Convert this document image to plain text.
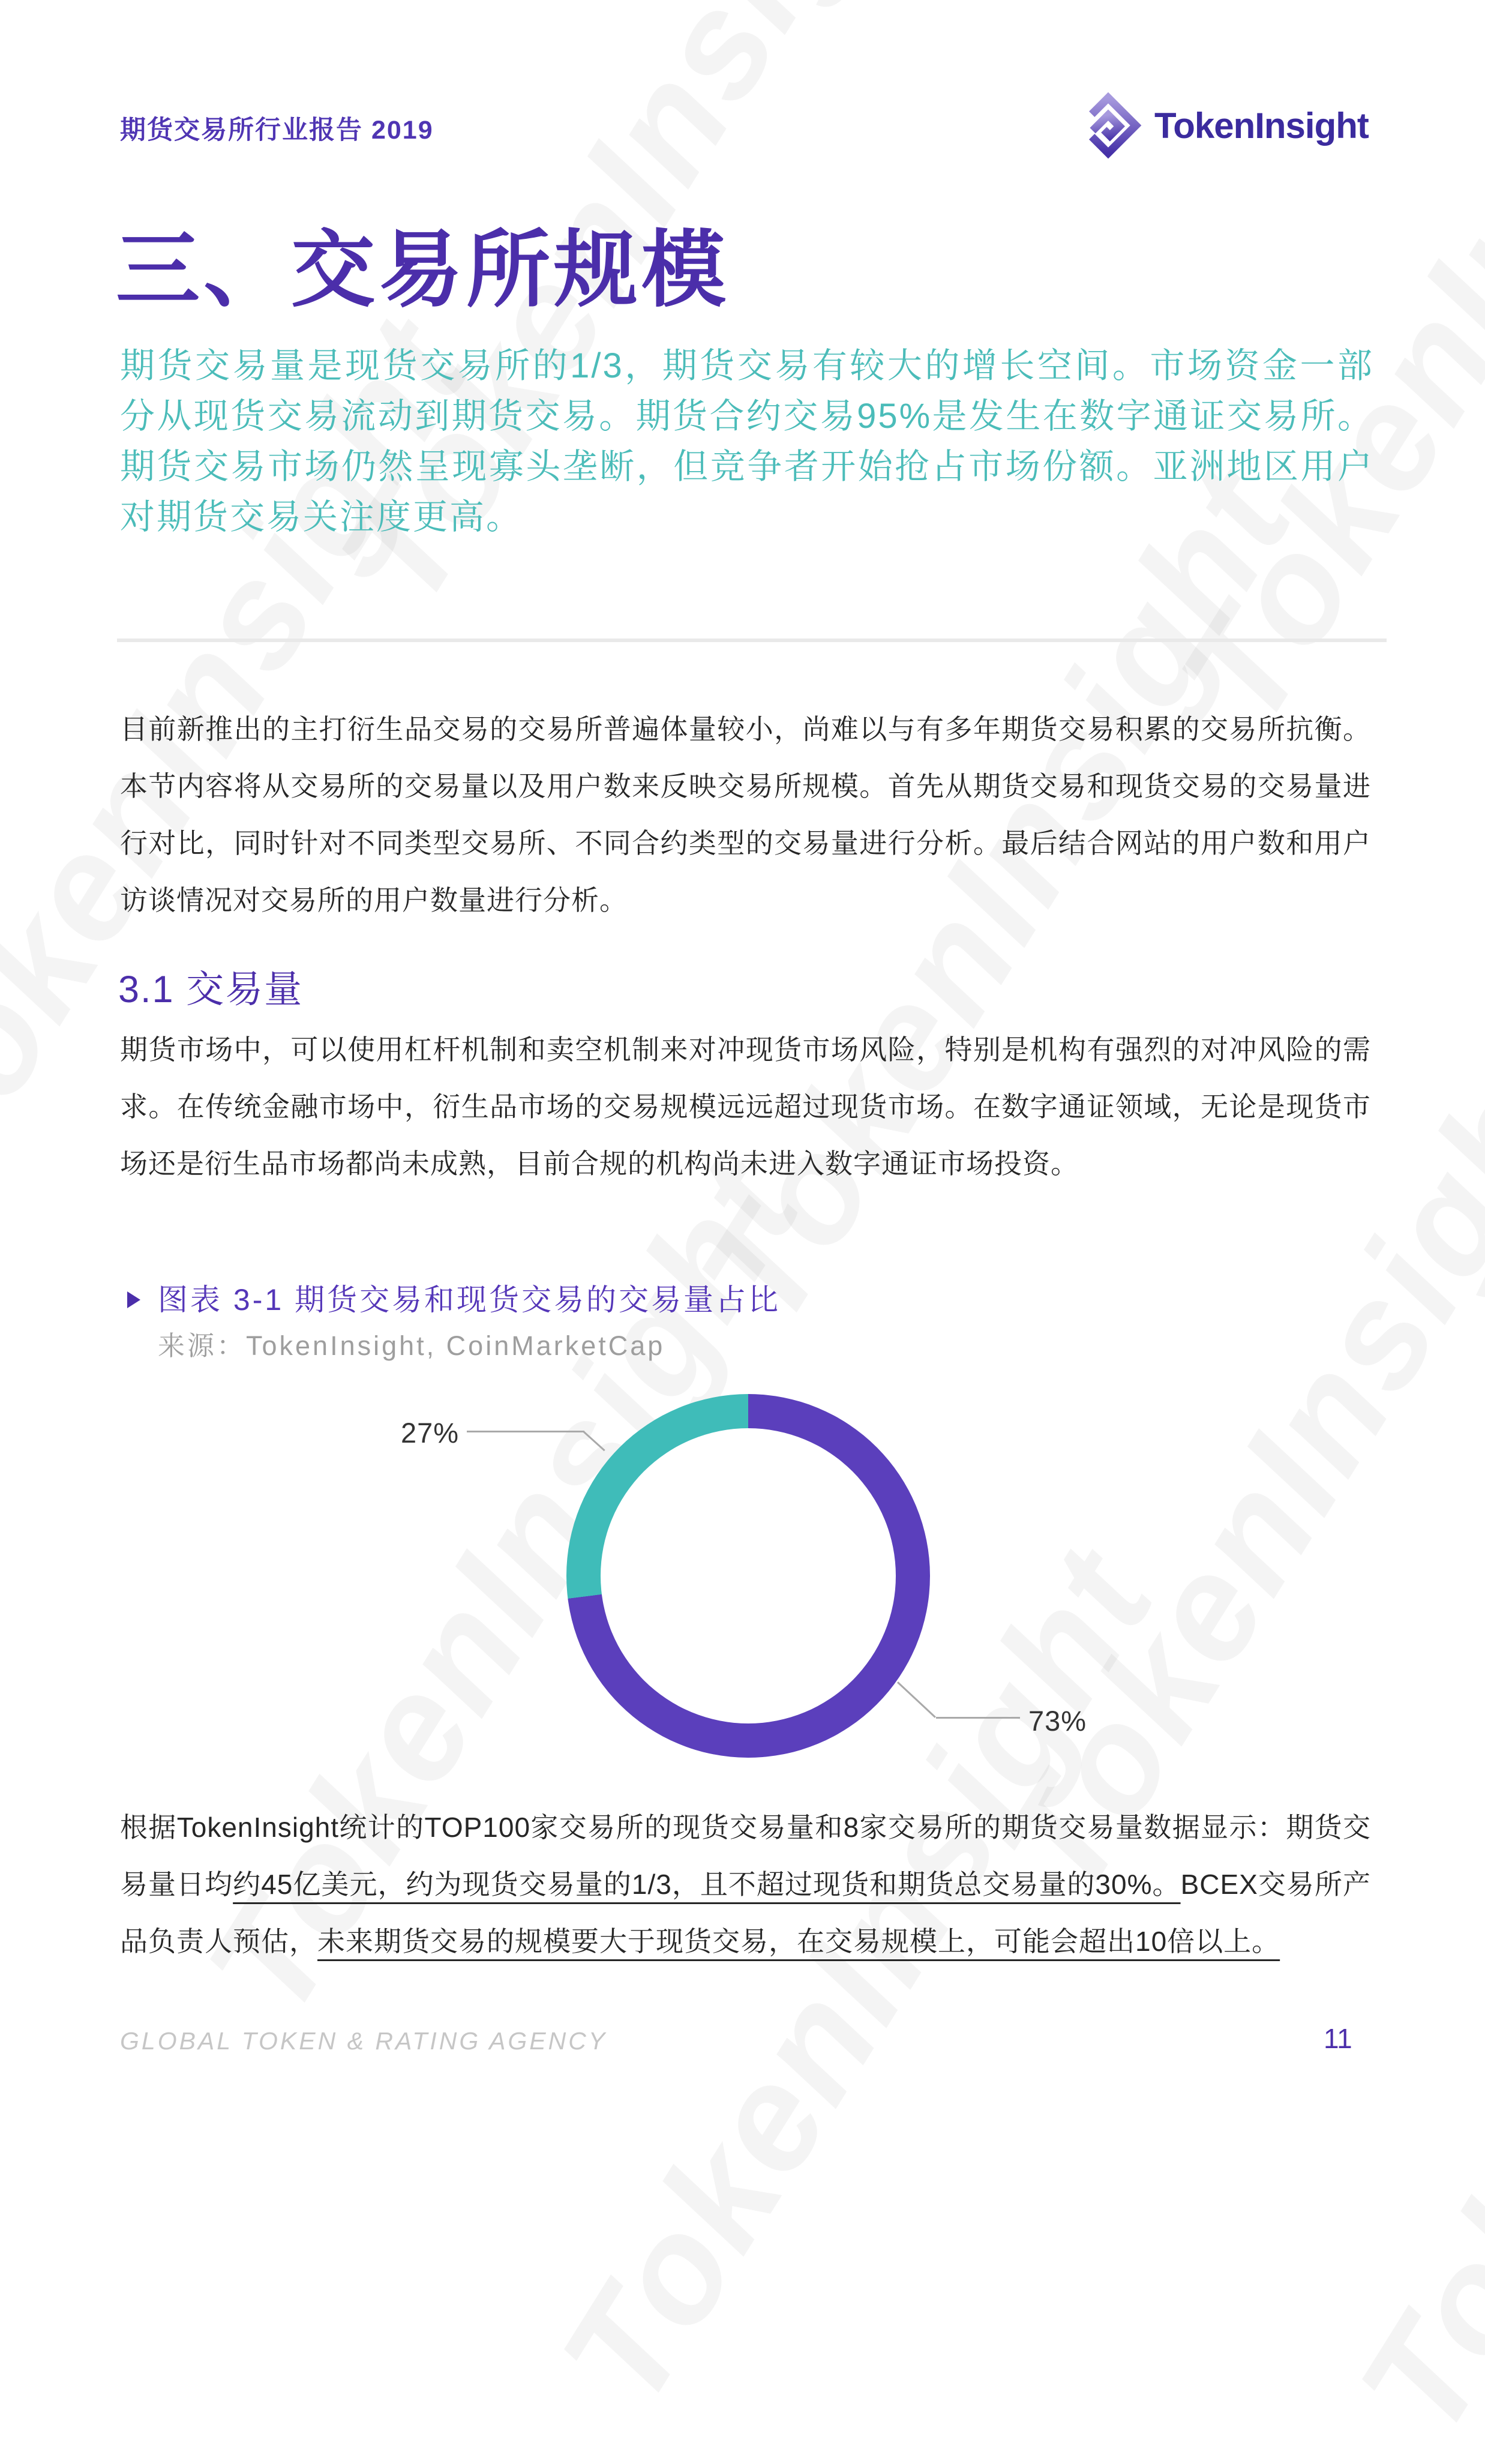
期货交易所行业报告 2019	TokenInsight
三、交易所规模
期货交易量是现货交易所的1/3，期货交易有较大的增长空间。市场资金一部分从现货交易流动到期货交易。期货合约交易95%是发生在数字通证交易所。期货交易市场仍然呈现寡头垄断，但竞争者开始抢占市场份额。亚洲地区用户对期货交易关注度更高。
目前新推出的主打衍生品交易的交易所普遍体量较小，尚难以与有多年期货交易积累的交易所抗衡。本节内容将从交易所的交易量以及用户数来反映交易所规模。首先从期货交易和现货交易的交易量进行对比，同时针对不同类型交易所、不同合约类型的交易量进行分析。最后结合网站的用户数和用户访谈情况对交易所的用户数量进行分析。
3.1 交易量
期货市场中，可以使用杠杆机制和卖空机制来对冲现货市场风险，特别是机构有强烈的对冲风险的需求。在传统金融市场中，衍生品市场的交易规模远远超过现货市场。在数字通证领域，无论是现货市场还是衍生品市场都尚未成熟，目前合规的机构尚未进入数字通证市场投资。
图表 3-1 期货交易和现货交易的交易量占比
来源：TokenInsight, CoinMarketCap
27%
73%
根据TokenInsight统计的TOP100家交易所的现货交易量和8家交易所的期货交易量数据显示：期货交易量日均约45亿美元，约为现货交易量的1/3，且不超过现货和期货总交易量的30%。BCEX交易所产品负责人预估，未来期货交易的规模要大于现货交易，在交易规模上，可能会超出10倍以上。
GLOBAL TOKEN & RATING AGENCY	11
